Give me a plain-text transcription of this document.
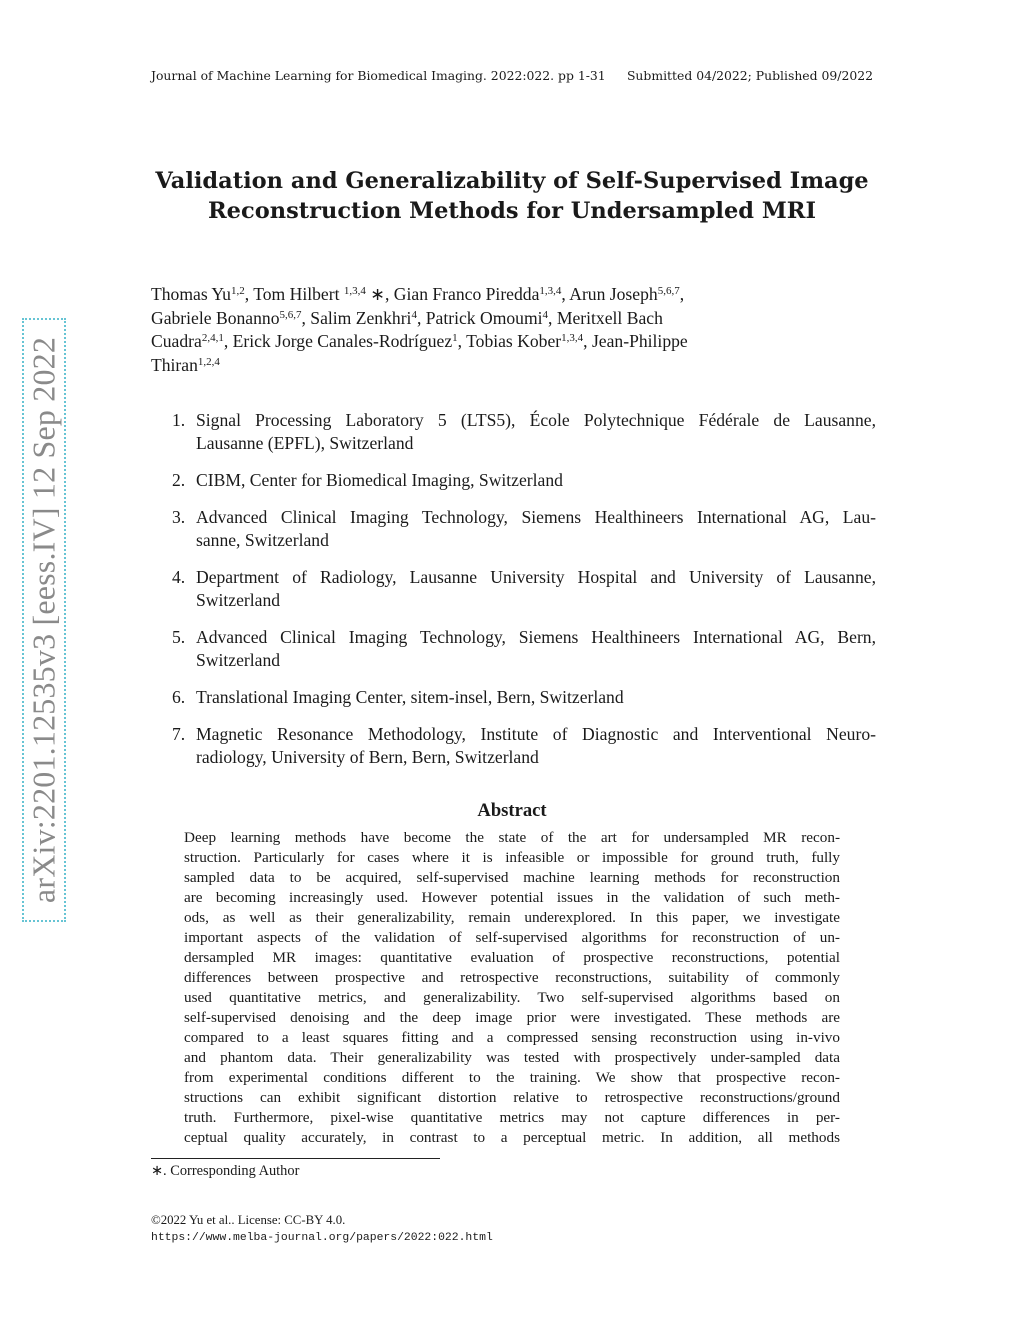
Journal of Machine Learning for Biomedical Imaging. 2022:022. pp 1-31 Submitted 04/2022; Published 09/2022
arXiv:2201.12535v3 [eess.IV] 12 Sep 2022
Validation and Generalizability of Self-Supervised Image
Reconstruction Methods for Undersampled MRI
Thomas Yu$^{1,2}$, Tom Hilbert $^{1,3,4}$ ∗, Gian Franco Piredda$^{1,3,4}$, Arun Joseph$^{5,6,7}$,
Gabriele Bonanno$^{5,6,7}$, Salim Zenkhri$^4$, Patrick Omoumi$^4$, Meritxell Bach
Cuadra$^{2,4,1}$, Erick Jorge Canales-Rodríguez$^1$, Tobias Kober$^{1,3,4}$, Jean-Philippe
Thiran$^{1,2,4}$
1. Signal Processing Laboratory 5 (LTS5), École Polytechnique Fédérale de Lausanne,
Lausanne (EPFL), Switzerland
2. CIBM, Center for Biomedical Imaging, Switzerland
3. Advanced Clinical Imaging Technology, Siemens Healthineers International AG, Lau-
sanne, Switzerland
4. Department of Radiology, Lausanne University Hospital and University of Lausanne,
Switzerland
5. Advanced Clinical Imaging Technology, Siemens Healthineers International AG, Bern,
Switzerland
6. Translational Imaging Center, sitem-insel, Bern, Switzerland
7. Magnetic Resonance Methodology, Institute of Diagnostic and Interventional Neuro-
radiology, University of Bern, Bern, Switzerland
Abstract
Deep learning methods have become the state of the art for undersampled MR recon-
struction. Particularly for cases where it is infeasible or impossible for ground truth, fully
sampled data to be acquired, self-supervised machine learning methods for reconstruction
are becoming increasingly used. However potential issues in the validation of such meth-
ods, as well as their generalizability, remain underexplored. In this paper, we investigate
important aspects of the validation of self-supervised algorithms for reconstruction of un-
dersampled MR images: quantitative evaluation of prospective reconstructions, potential
differences between prospective and retrospective reconstructions, suitability of commonly
used quantitative metrics, and generalizability. Two self-supervised algorithms based on
self-supervised denoising and the deep image prior were investigated. These methods are
compared to a least squares fitting and a compressed sensing reconstruction using in-vivo
and phantom data. Their generalizability was tested with prospectively under-sampled data
from experimental conditions different to the training. We show that prospective recon-
structions can exhibit significant distortion relative to retrospective reconstructions/ground
truth. Furthermore, pixel-wise quantitative metrics may not capture differences in per-
ceptual quality accurately, in contrast to a perceptual metric. In addition, all methods
∗. Corresponding Author
©2022 Yu et al.. License: CC-BY 4.0.
https://www.melba-journal.org/papers/2022:022.html
